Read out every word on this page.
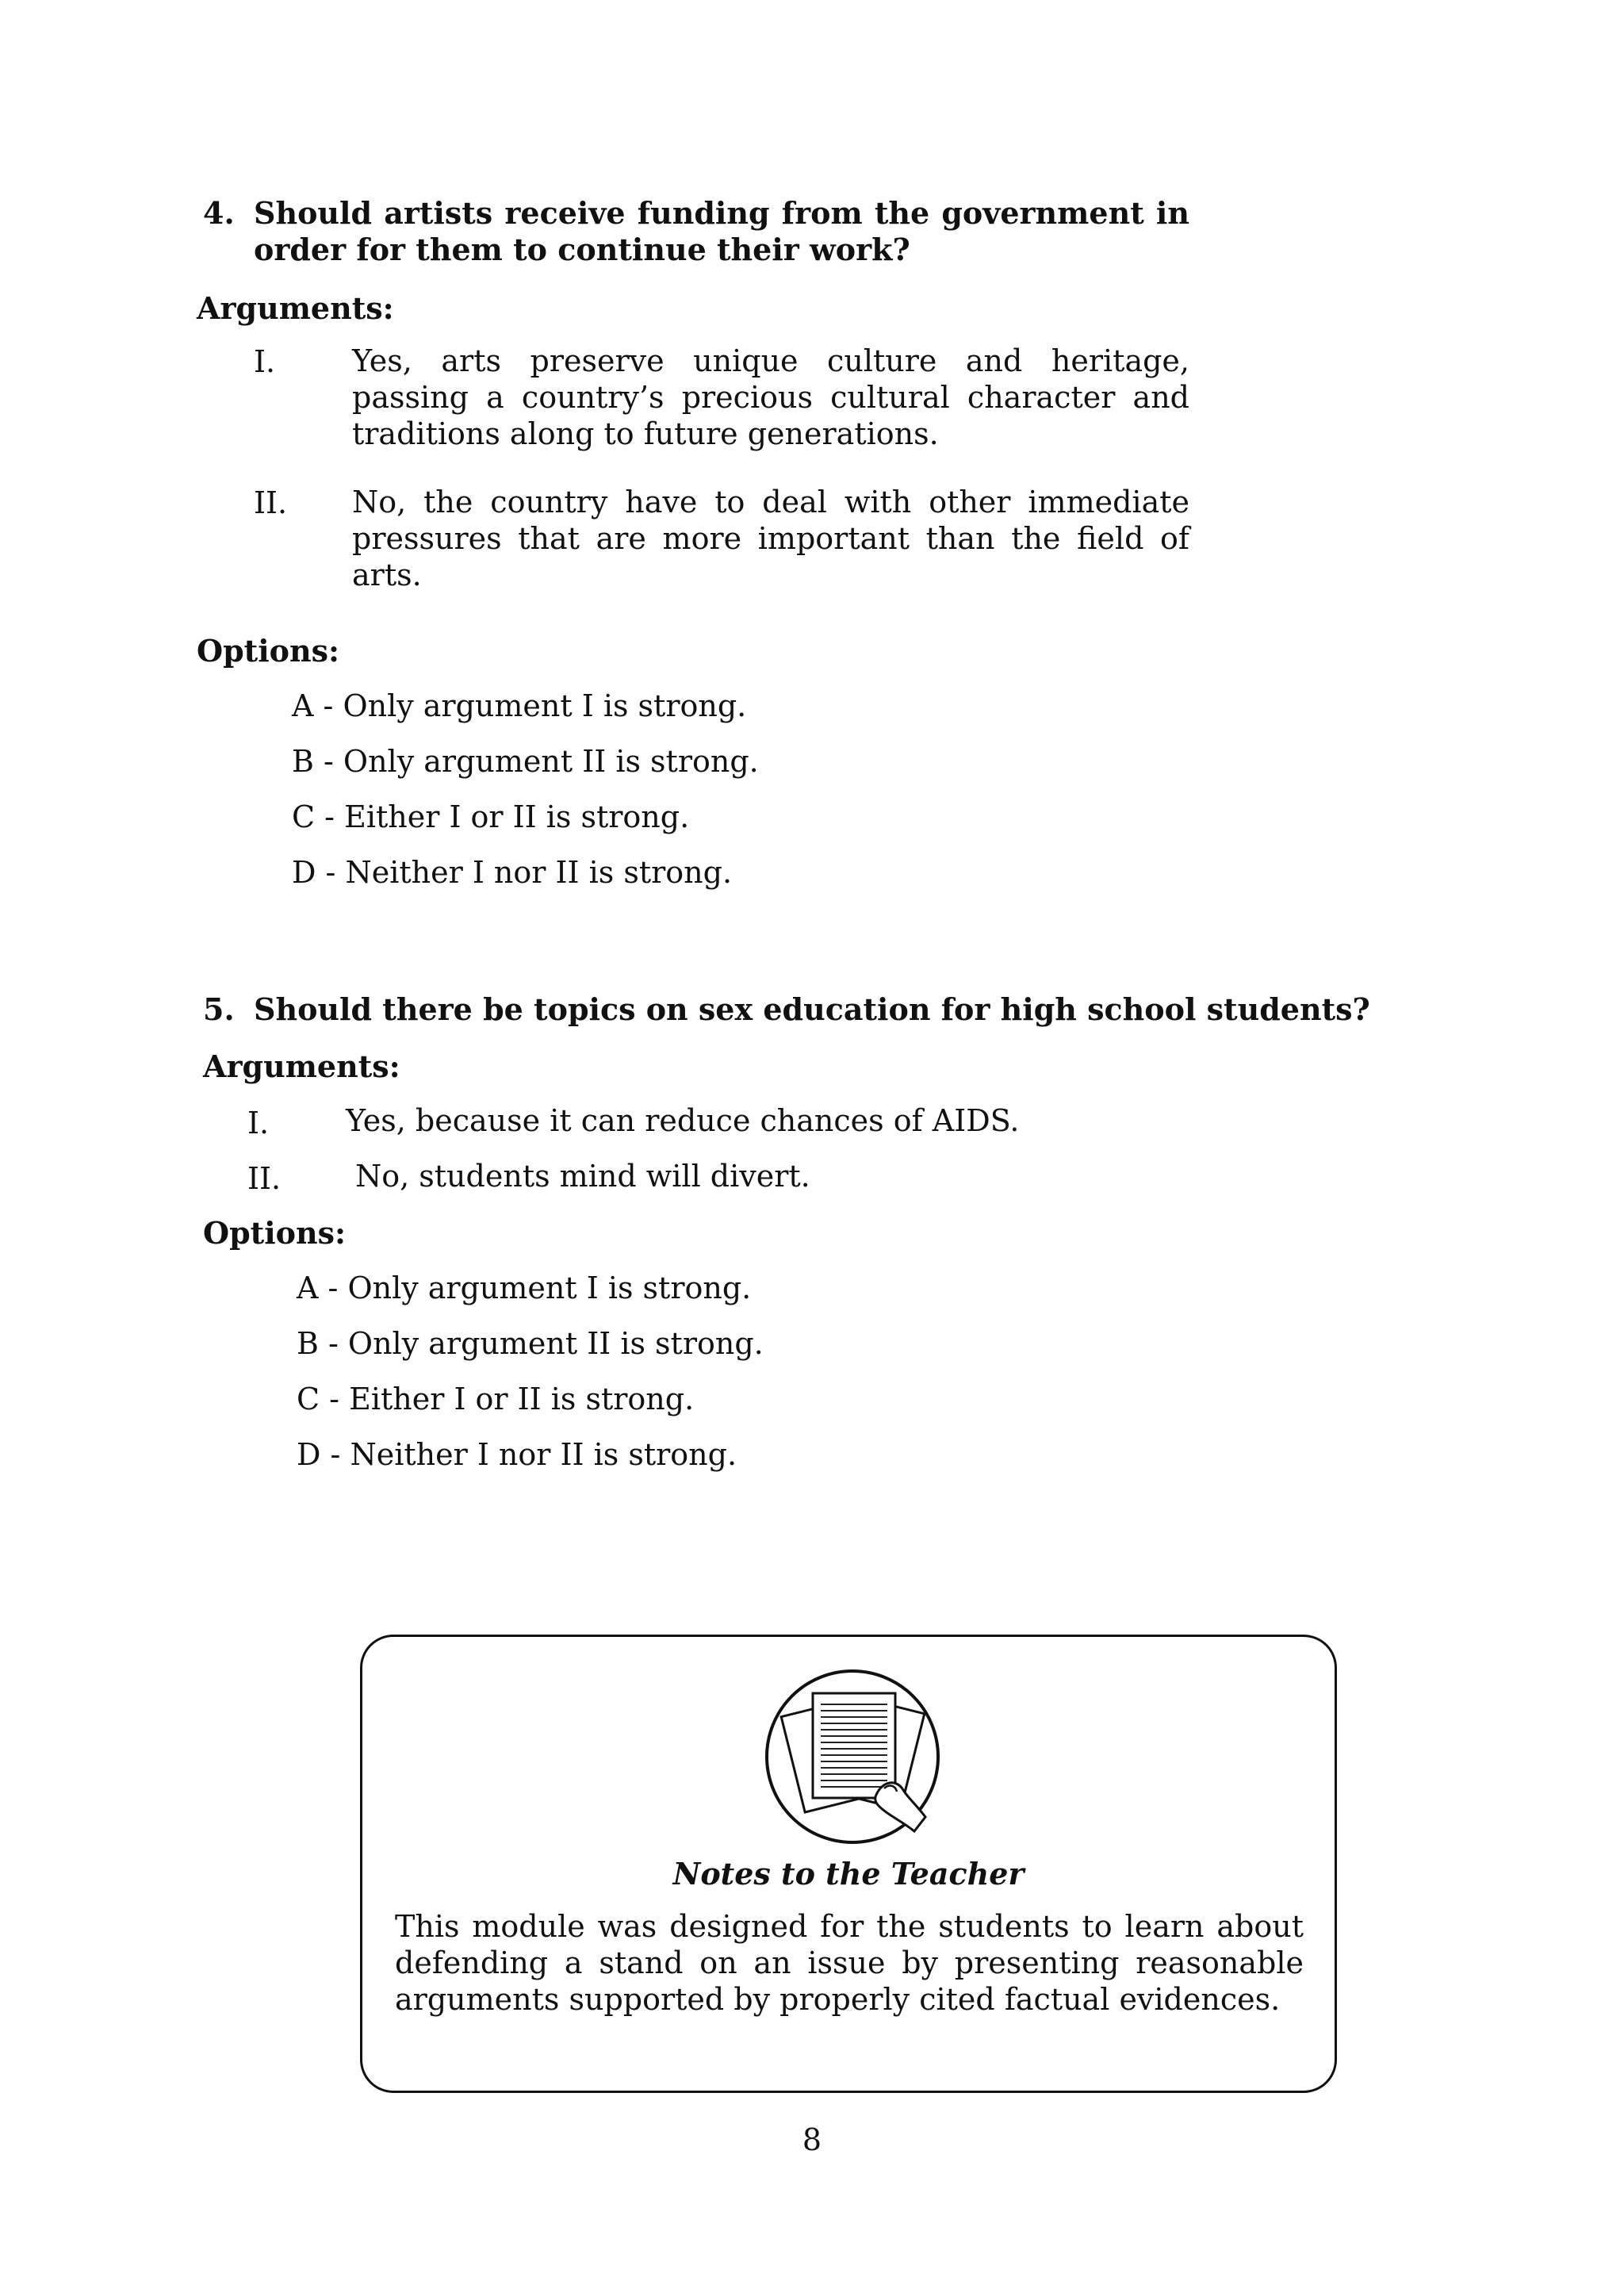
4. Should artists receive funding from the government in order for them to continue their work?
Arguments:
I.	Yes, arts preserve unique culture and heritage, passing a country’s precious cultural character and traditions along to future generations.
II. No, the country have to deal with other immediate pressures that are more important than the field of arts.
Options:
A - Only argument I is strong.
B - Only argument II is strong.
C - Either I or II is strong.
D - Neither I nor II is strong.
5. Should there be topics on sex education for high school students?
Arguments:
I.	Yes, because it can reduce chances of AIDS.
II. No, students mind will divert.
Options:
A - Only argument I is strong.
B - Only argument II is strong.
C - Either I or II is strong.
D - Neither I nor II is strong.
Notes to the Teacher
This module was designed for the students to learn about defending a stand on an issue by presenting reasonable arguments supported by properly cited factual evidences.
8
